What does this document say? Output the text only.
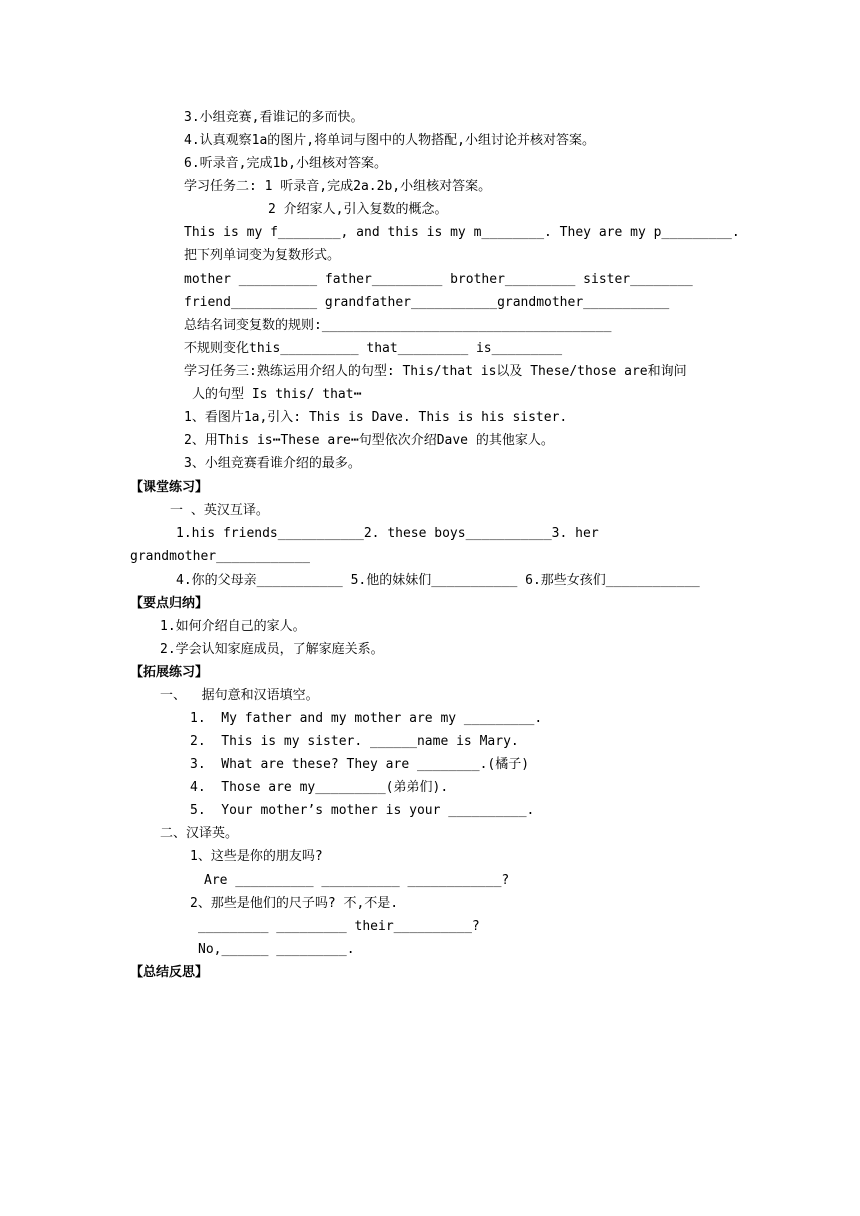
3.小组竞赛,看谁记的多而快。
4.认真观察1a的图片,将单词与图中的人物搭配,小组讨论并核对答案。
6.听录音,完成1b,小组核对答案。
学习任务二: 1 听录音,完成2a.2b,小组核对答案。
2 介绍家人,引入复数的概念。
This is my f________, and this is my m________. They are my p_________.
把下列单词变为复数形式。
mother __________ father_________ brother_________ sister________
friend___________ grandfather___________grandmother___________
总结名词变复数的规则:_____________________________________
不规则变化this__________ that_________ is_________
学习任务三:熟练运用介绍人的句型: This/that is以及 These/those are和询问
人的句型 Is this/ that┅
1、看图片1a,引入: This is Dave. This is his sister.
2、用This is┅These are┅句型依次介绍Dave 的其他家人。
3、小组竞赛看谁介绍的最多。
【课堂练习】
一 、英汉互译。
1.his friends___________2. these boys___________3. her
grandmother____________
4.你的父母亲___________ 5.他的妹妹们___________ 6.那些女孩们____________
【要点归纳】
1.如何介绍自己的家人。
2.学会认知家庭成员，了解家庭关系。
【拓展练习】
一、  据句意和汉语填空。
1.  My father and my mother are my _________.
2.  This is my sister. ______name is Mary.
3.  What are these? They are ________.(橘子)
4.  Those are my_________(弟弟们).
5.  Your mother’s mother is your __________.
二、汉译英。
1、这些是你的朋友吗?
Are __________ __________ ____________?
2、那些是他们的尺子吗? 不,不是.
_________ _________ their__________?
No,______ _________.
【总结反思】
